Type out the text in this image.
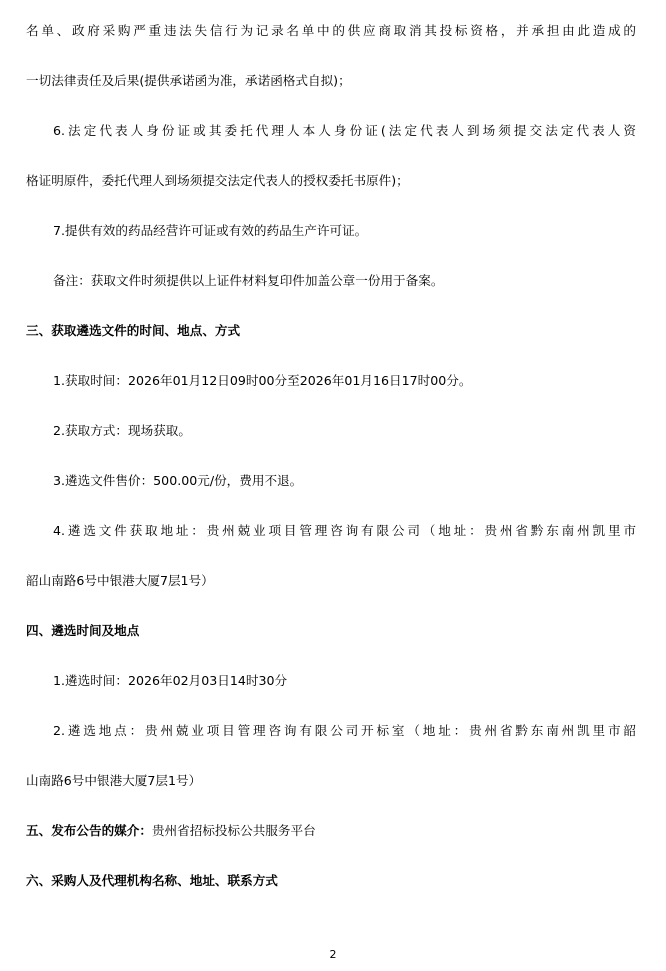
名单、政府采购严重违法失信行为记录名单中的供应商取消其投标资格，并承担由此造成的
一切法律责任及后果(提供承诺函为准，承诺函格式自拟)；
6.法定代表人身份证或其委托代理人本人身份证(法定代表人到场须提交法定代表人资
格证明原件，委托代理人到场须提交法定代表人的授权委托书原件)；
7.提供有效的药品经营许可证或有效的药品生产许可证。
备注：获取文件时须提供以上证件材料复印件加盖公章一份用于备案。
三、获取遴选文件的时间、地点、方式
1.获取时间：2026年01月12日09时00分至2026年01月16日17时00分。
2.获取方式：现场获取。
3.遴选文件售价：500.00元/份，费用不退。
4.遴选文件获取地址：贵州兢业项目管理咨询有限公司（地址：贵州省黔东南州凯里市
韶山南路6号中银港大厦7层1号）
四、遴选时间及地点
1.遴选时间：2026年02月03日14时30分
2.遴选地点：贵州兢业项目管理咨询有限公司开标室（地址：贵州省黔东南州凯里市韶
山南路6号中银港大厦7层1号）
五、发布公告的媒介：贵州省招标投标公共服务平台
六、采购人及代理机构名称、地址、联系方式
2
